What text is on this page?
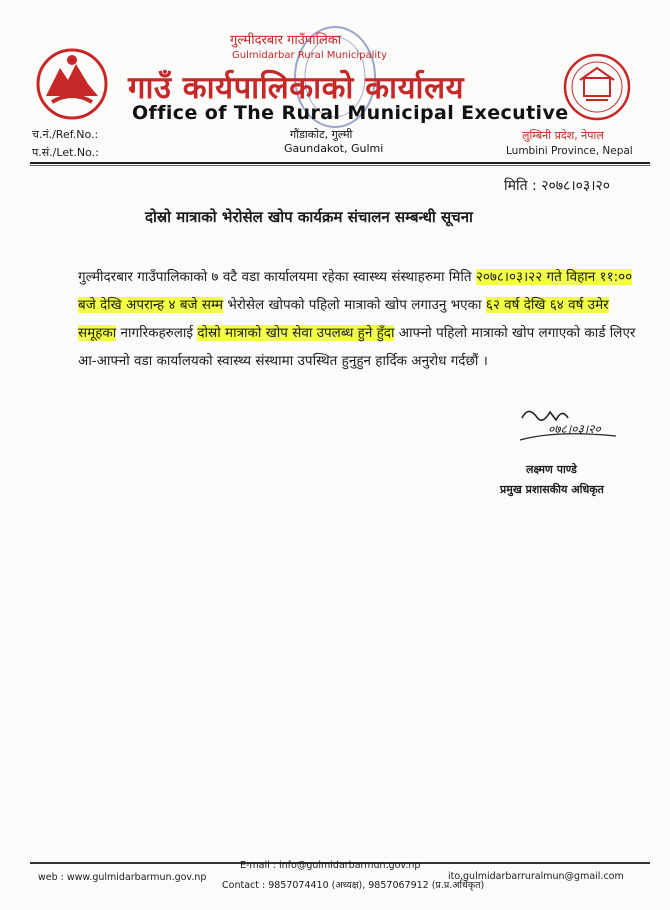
गुल्मीदरबार गाउँपालिका
Gulmidarbar Rural Municipality
गाउँ कार्यपालिकाको कार्यालय
Office of The Rural Municipal Executive
गौंडाकोट, गुल्मी
Gaundakot, Gulmi
च.नं./Ref.No.:
प.सं./Let.No.:
लुम्बिनी प्रदेश, नेपाल
Lumbini Province, Nepal
मिति : २०७८।०३।२०
दोस्रो मात्राको भेरोसेल खोप कार्यक्रम संचालन सम्बन्धी सूचना
गुल्मीदरबार गाउँपालिकाको ७ वटै वडा कार्यालयमा रहेका स्वास्थ्य संस्थाहरुमा मिति २०७८।०३।२२ गते विहान ११:०० बजे देखि अपरान्ह ४ बजे सम्म भेरोसेल खोपको पहिलो मात्राको खोप लगाउनु भएका ६२ वर्ष देखि ६४ वर्ष उमेर समूहका नागरिकहरुलाई दोस्रो मात्राको खोप सेवा उपलब्ध हुने हुँदा आफ्नो पहिलो मात्राको खोप लगाएको कार्ड लिएर आ-आफ्नो वडा कार्यालयको स्वास्थ्य संस्थामा उपस्थित हुनुहुन हार्दिक अनुरोध गर्दछौं ।
०७८।०३।२०
लक्ष्मण पाण्डे
प्रमुख प्रशासकीय अधिकृत
web : www.gulmidarbarmun.gov.np
E-mail : info@gulmidarbarmun.gov.np
Contact : 9857074410 (अध्यक्ष), 9857067912 (प्र.प्र.अधिकृत)
ito.gulmidarbarruralmun@gmail.com
